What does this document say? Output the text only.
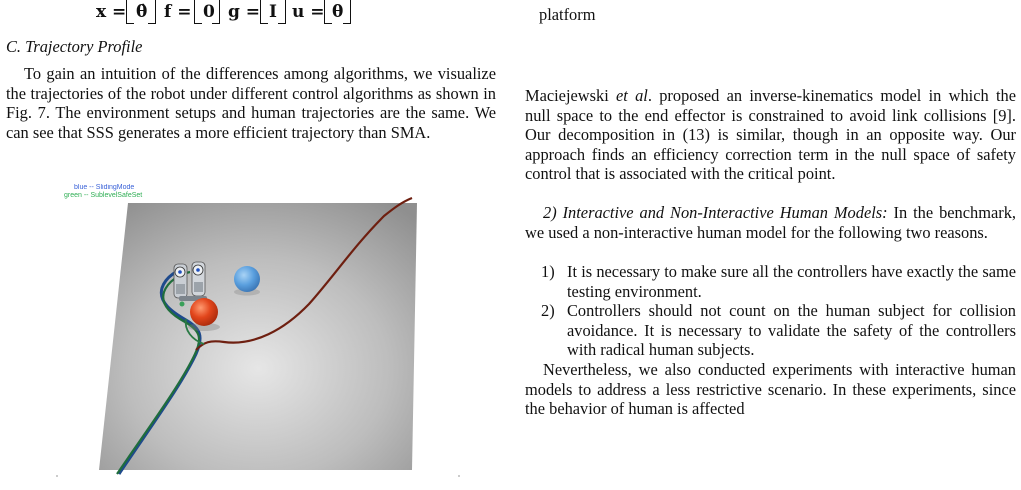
x = θ̇ f = 0 g = I u = θ
C. Trajectory Profile
To gain an intuition of the differences among algorithms, we visualize the trajectories of the robot under different control algorithms as shown in Fig. 7. The environment setups and human trajectories are the same. We can see that SSS generates a more efficient trajectory than SMA.
blue -- SlidingMode
green -- SublevelSafeSet
platform
Maciejewski et al. proposed an inverse-kinematics model in which the null space to the end effector is constrained to avoid link collisions [9]. Our decomposition in (13) is similar, though in an opposite way. Our approach finds an efficiency correction term in the null space of safety control that is associated with the critical point.
2) Interactive and Non-Interactive Human Models: In the benchmark, we used a non-interactive human model for the following two reasons.
1) It is necessary to make sure all the controllers have exactly the same testing environment.
2) Controllers should not count on the human subject for collision avoidance. It is necessary to validate the safety of the controllers with radical human subjects.
Nevertheless, we also conducted experiments with interactive human models to address a less restrictive scenario. In these experiments, since the behavior of human is affected
